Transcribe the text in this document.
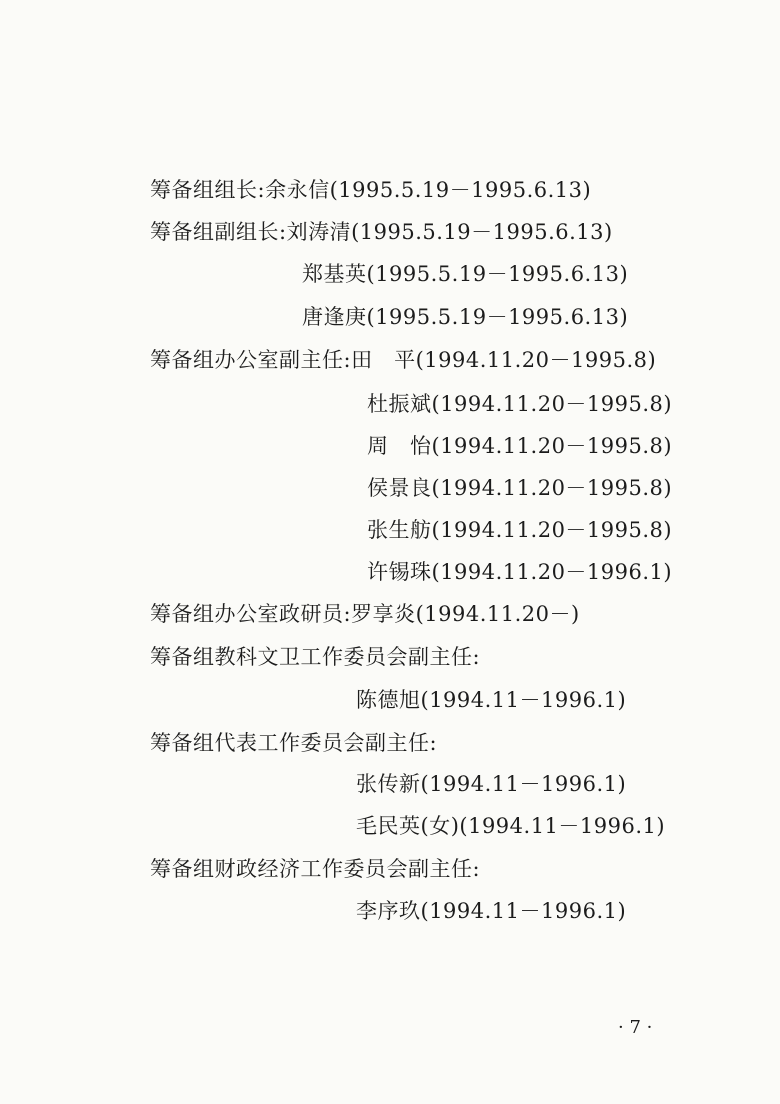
筹备组组长:余永信(1995.5.19－1995.6.13)
筹备组副组长:刘涛清(1995.5.19－1995.6.13)
郑基英(1995.5.19－1995.6.13)
唐逢庚(1995.5.19－1995.6.13)
筹备组办公室副主任:田　平(1994.11.20－1995.8)
杜振斌(1994.11.20－1995.8)
周　怡(1994.11.20－1995.8)
侯景良(1994.11.20－1995.8)
张生舫(1994.11.20－1995.8)
许锡珠(1994.11.20－1996.1)
筹备组办公室政研员:罗享炎(1994.11.20－)
筹备组教科文卫工作委员会副主任:
陈德旭(1994.11－1996.1)
筹备组代表工作委员会副主任:
张传新(1994.11－1996.1)
毛民英(女)(1994.11－1996.1)
筹备组财政经济工作委员会副主任:
李序玖(1994.11－1996.1)
· 7 ·
